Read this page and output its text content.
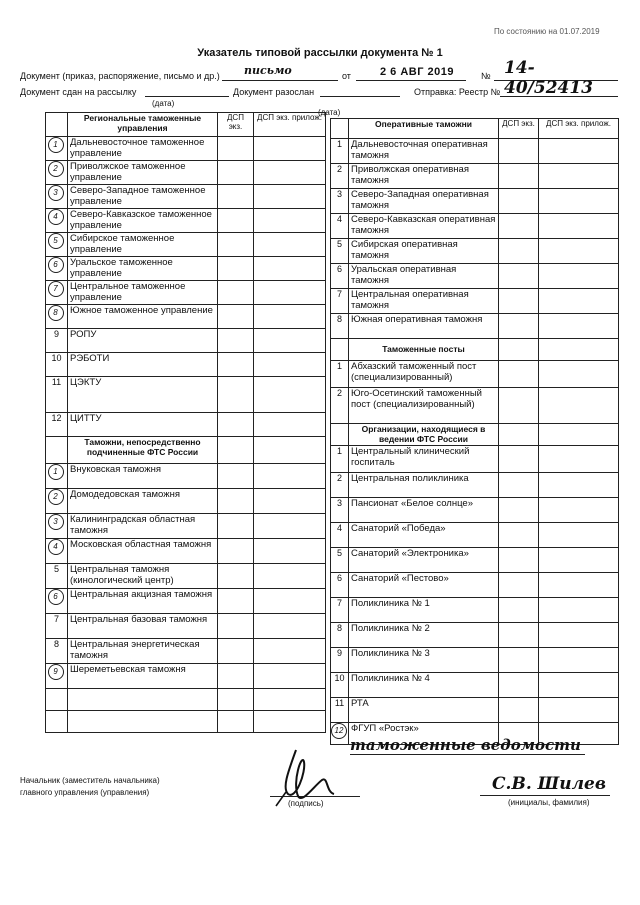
По состоянию на 01.07.2019
Указатель типовой рассылки документа № 1
Документ (приказ, распоряжение, письмо и др.) письмо	от	2 6 АВГ 2019	№ 14-40/52413
Документ сдан на рассылку	Документ разослан	Отправка: Реестр №
(дата)
(дата)
	Региональные таможенные управления	ДСП экз.	ДСП экз. прилож.
1	Дальневосточное таможенное управление		
2	Приволжское таможенное управление		
3	Северо-Западное таможенное управление		
4	Северо-Кавказское таможенное управление		
5	Сибирское таможенное управление		
6	Уральское таможенное управление		
7	Центральное таможенное управление		
8	Южное таможенное управление		
9	РОПУ		
10	РЭБОТИ		
11	ЦЭКТУ		
12	ЦИТТУ		
	Таможни, непосредственно подчиненные ФТС России		
1	Внуковская таможня		
2	Домодедовская таможня		
3	Калининградская областная таможня		
4	Московская областная таможня		
5	Центральная таможня (кинологический центр)		
6	Центральная акцизная таможня		
7	Центральная базовая таможня		
8	Центральная энергетическая таможня		
9	Шереметьевская таможня		

	Оперативные таможни	ДСП экз.	ДСП экз. прилож.
1	Дальневосточная оперативная таможня		
2	Приволжская оперативная таможня		
3	Северо-Западная оперативная таможня		
4	Северо-Кавказская оперативная таможня		
5	Сибирская оперативная таможня		
6	Уральская оперативная таможня		
7	Центральная оперативная таможня		
8	Южная оперативная таможня		
	Таможенные посты		
1	Абхазский таможенный пост (специализированный)		
2	Юго-Осетинский таможенный пост (специализированный)		
	Организации, находящиеся в ведении ФТС России		
1	Центральный клинический госпиталь		
2	Центральная поликлиника		
3	Пансионат «Белое солнце»		
4	Санаторий «Победа»		
5	Санаторий «Электроника»		
6	Санаторий «Пестово»		
7	Поликлиника № 1		
8	Поликлиника № 2		
9	Поликлиника № 3		
10	Поликлиника № 4		
11	РТА		
12	ФГУП «Ростэк»		
таможенные ведомости
Начальник (заместитель начальника)
главного управления (управления)
(подпись)
С.В. Шилев
(инициалы, фамилия)
